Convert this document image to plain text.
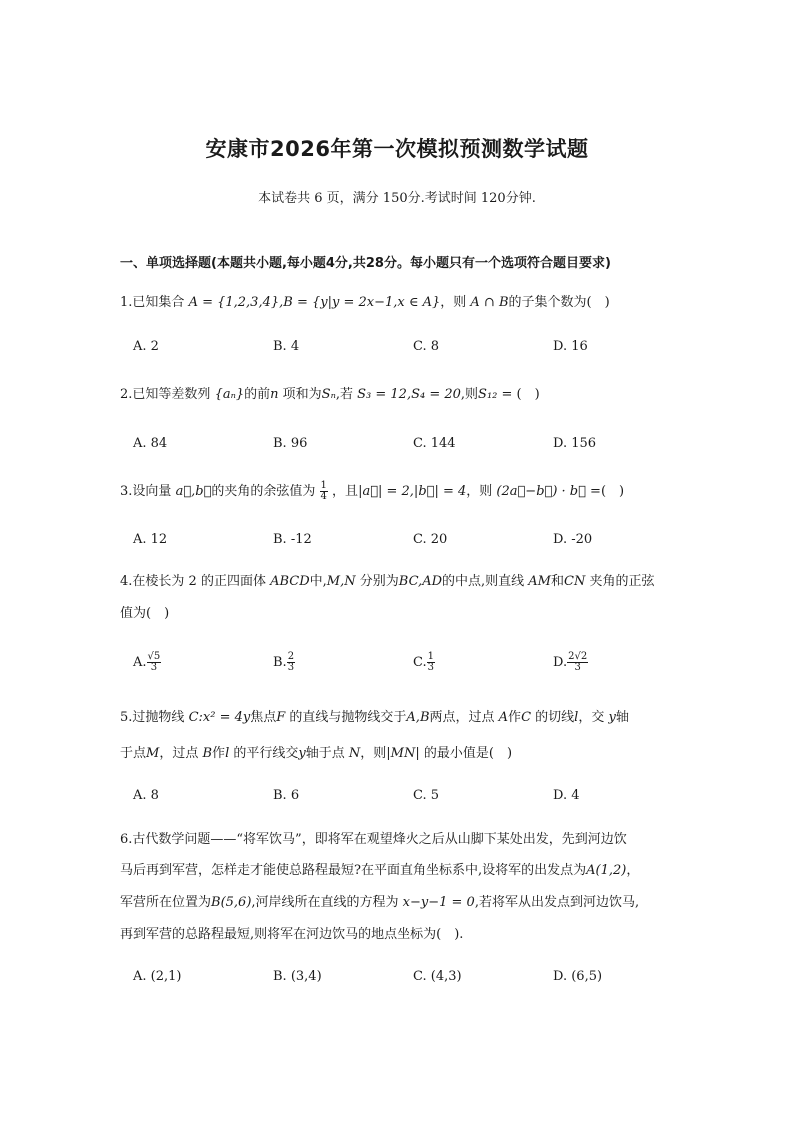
安康市2026年第一次模拟预测数学试题
本试卷共 6 页，满分 150分.考试时间 120分钟.
一、单项选择题(本题共小题,每小题4分,共28分。每小题只有一个选项符合题目要求)
1.已知集合 A = {1,2,3,4},B = {y|y = 2x−1,x ∈ A}，则 A ∩ B的子集个数为(　)
A. 2	B. 4	C. 8	D. 16
2.已知等差数列 {aₙ}的前n 项和为Sₙ,若 S₃ = 12,S₄ = 20,则S₁₂ = (　)
A. 84	B. 96	C. 144	D. 156
3.设向量 a⃗,b⃗的夹角的余弦值为 $\frac{1}{4}$ ，且|a⃗| = 2,|b⃗| = 4，则 (2a⃗−b⃗) · b⃗ =(　)
A. 12	B. -12	C. 20	D. -20
4.在棱长为 2 的正四面体 ABCD中,M,N 分别为BC,AD的中点,则直线 AM和CN 夹角的正弦
值为(　)
A. $\frac{√5}{3}$	B. $\frac{2}{3}$	C. $\frac{1}{3}$	D. $\frac{2√2}{3}$
5.过抛物线 C:x² = 4y焦点F 的直线与抛物线交于A,B两点，过点 A作C 的切线l，交 y轴
于点M，过点 B作l 的平行线交y轴于点 N，则|MN| 的最小值是(　)
A. 8	B. 6	C. 5	D. 4
6.古代数学问题——“将军饮马”，即将军在观望烽火之后从山脚下某处出发，先到河边饮
马后再到军营，怎样走才能使总路程最短?在平面直角坐标系中,设将军的出发点为A(1,2)，
军营所在位置为B(5,6),河岸线所在直线的方程为 x−y−1 = 0,若将军从出发点到河边饮马,
再到军营的总路程最短,则将军在河边饮马的地点坐标为(　).
A. (2,1)	B. (3,4)	C. (4,3)	D. (6,5)
